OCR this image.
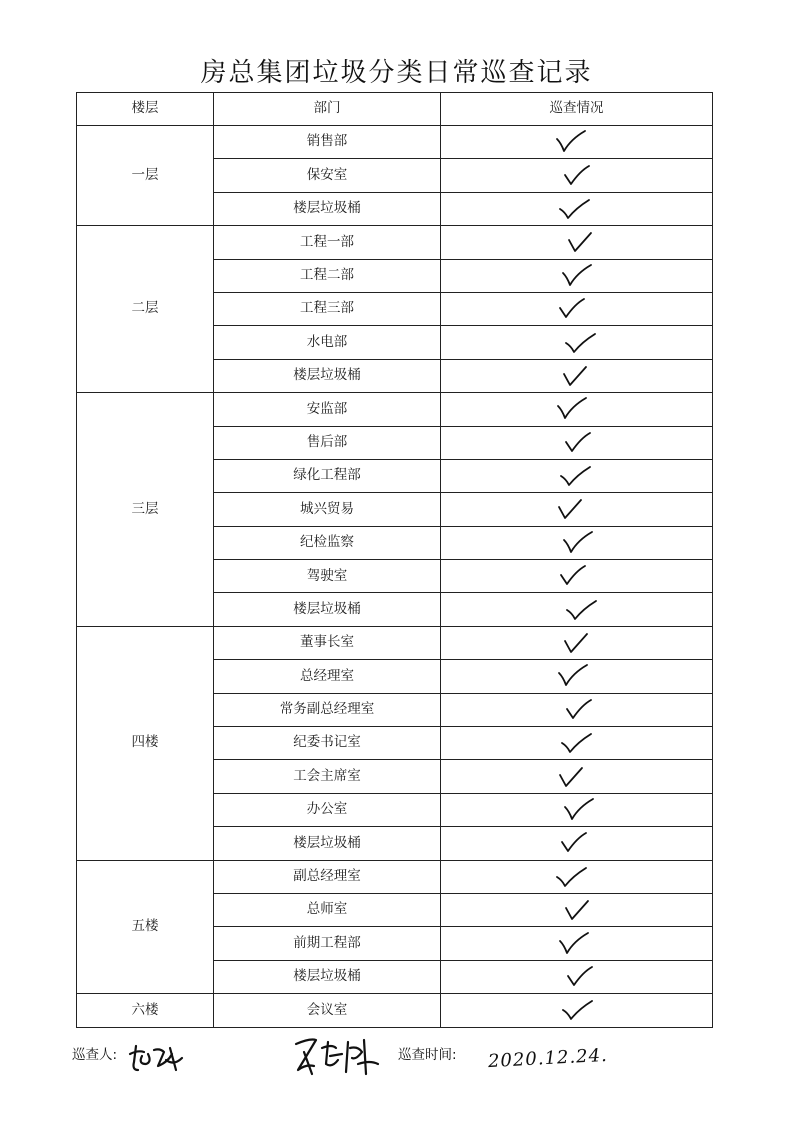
房总集团垃圾分类日常巡查记录
楼层	部门	巡查情况
一层	销售部	

	保安室	

	楼层垃圾桶	

二层	工程一部	

	工程二部	

	工程三部	

	水电部	

	楼层垃圾桶	

三层	安监部	

	售后部	

	绿化工程部	

	城兴贸易	

	纪检监察	

	驾驶室	

	楼层垃圾桶	

四楼	董事长室	

	总经理室	

	常务副总经理室	

	纪委书记室	

	工会主席室	

	办公室	

	楼层垃圾桶	

五楼	副总经理室	

	总师室	

	前期工程部	

	楼层垃圾桶	

六楼	会议室	
巡查人:	巡查时间: 2020.12.24.
